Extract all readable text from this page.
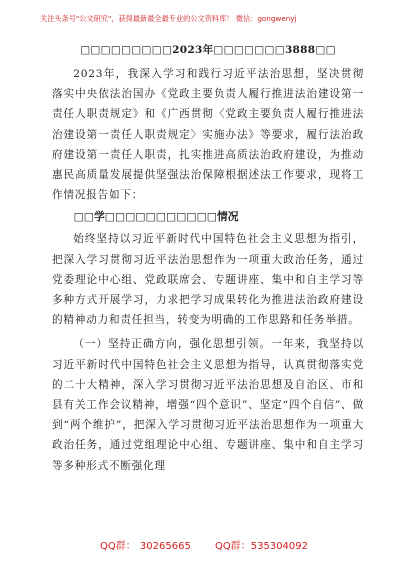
关注头条号"公文研究"，获得最新最全最专业的公文资料库！ 微信：gongwenyj
□□□□□□□□□2023年□□□□□□□3888□□

2023年，我深入学习和践行习近平法治思想，坚决贯彻落实中央依法治国办《党政主要负责人履行推进法治建设第一责任人职责规定》和《广西贯彻〈党政主要负责人履行推进法治建设第一责任人职责规定〉实施办法》等要求，履行法治政府建设第一责任人职责，扎实推进高质法治政府建设，为推动惠民高质量发展提供坚强法治保障根据述法工作要求，现将工作情况报告如下：

□□学□□□□□□□□□□□情况

始终坚持以习近平新时代中国特色社会主义思想为指引，把深入学习贯彻习近平法治思想作为一项重大政治任务，通过党委理论中心组、党政联席会、专题讲座、集中和自主学习等多种方式开展学习，力求把学习成果转化为推进法治政府建设的精神动力和责任担当，转变为明确的工作思路和任务举措。

（一）坚持正确方向，强化思想引领。一年来，我坚持以习近平新时代中国特色社会主义思想为指导，认真贯彻落实党的二十大精神，深入学习贯彻习近平法治思想及自治区、市和县有关工作会议精神，增强“四个意识”、坚定“四个自信”、做到“两个维护”，把深入学习贯彻习近平法治思想作为一项重大政治任务，通过党组理论中心组、专题讲座、集中和自主学习等多种形式不断强化理

QQ群： 30265665 QQ群：535304092
